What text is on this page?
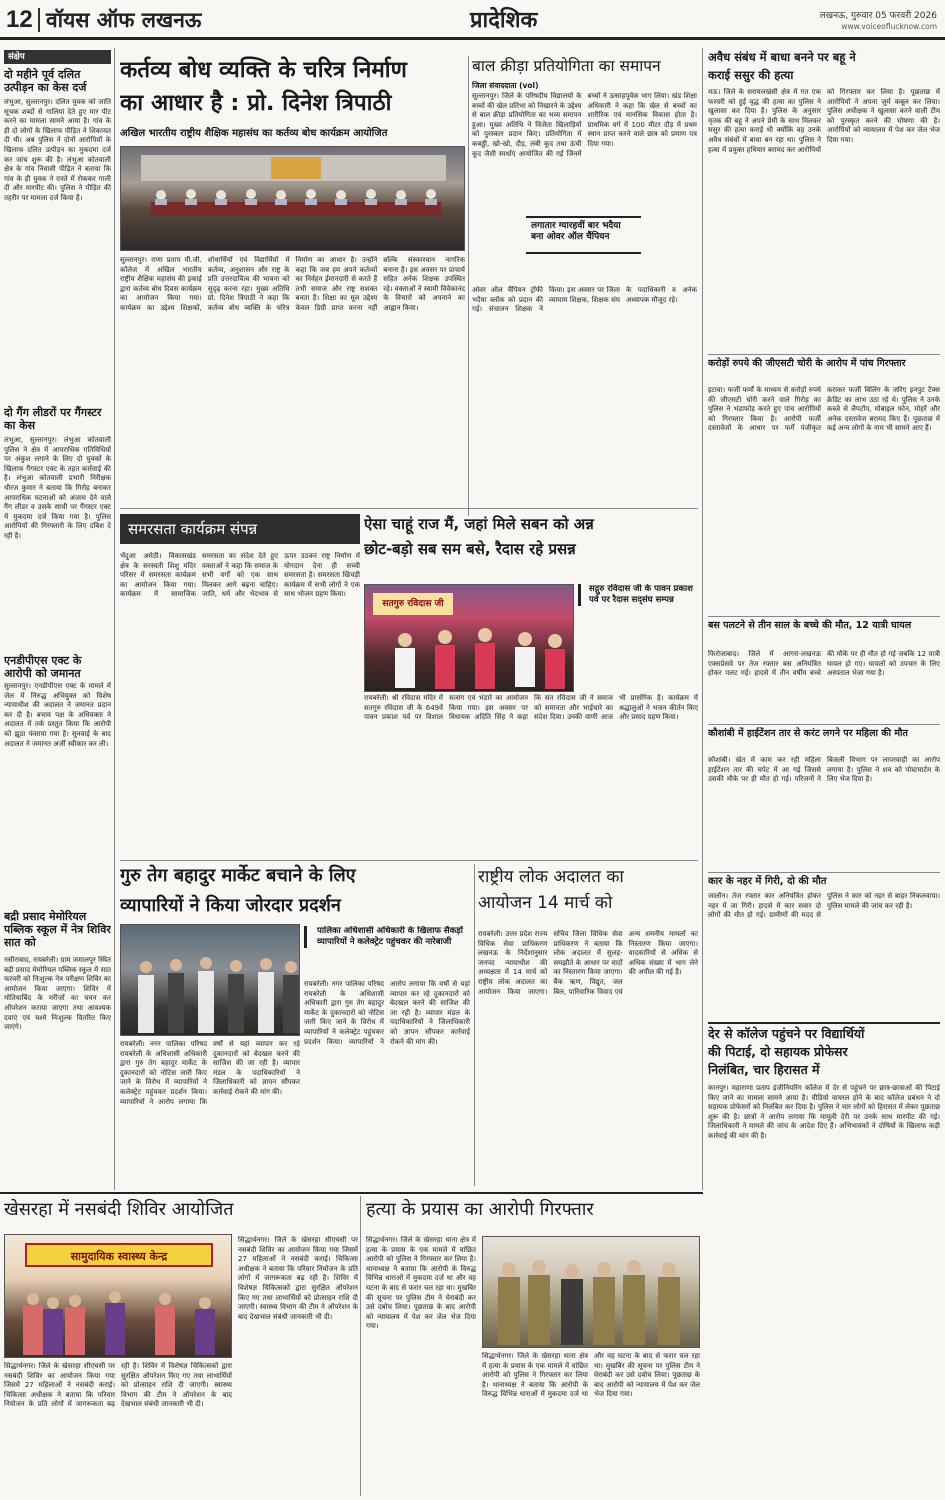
12 वॉयस ऑफ लखनऊ	प्रादेशिक	लखनऊ, गुरुवार 05 फरवरी 2026
www.voiceoflucknow.com
संक्षेप
दो महीने पूर्व दलित उत्पीड़न का केस दर्ज
लंभुआ, सुल्तानपुर। दलित युवक को जाति सूचक शब्दों से गालियां देते हुए मार पीट करने का मामला सामने आया है। गांव के ही दो लोगों के खिलाफ पीड़ित ने शिकायत दी थी। अब पुलिस ने दोनों आरोपियों के खिलाफ दलित उत्पीड़न का मुकदमा दर्ज कर जांच शुरू की है। लंभुआ कोतवाली क्षेत्र के गांव निवासी पीड़ित ने बताया कि गांव के ही युवक ने रास्ते में रोककर गाली दी और मारपीट की। पुलिस ने पीड़ित की तहरीर पर मामला दर्ज किया है।
दो गैंग लीडरों पर गैंगस्टर का केस
लंभुआ, सुल्तानपुर। लंभुआ कोतवाली पुलिस ने क्षेत्र में आपराधिक गतिविधियों पर अंकुश लगाने के लिए दो युवकों के खिलाफ गैंगस्टर एक्ट के तहत कार्रवाई की है। लंभुआ कोतवाली प्रभारी निरीक्षक धीरज कुमार ने बताया कि गिरोह बनाकर आपराधिक घटनाओं को अंजाम देने वाले गैंग लीडर व उसके साथी पर गैंगस्टर एक्ट में मुकदमा दर्ज किया गया है। पुलिस आरोपियों की गिरफ्तारी के लिए दबिश दे रही है।
एनडीपीएस एक्ट के आरोपी को जमानत
सुल्तानपुर। एनडीपीएस एक्ट के मामले में जेल में निरुद्ध अभियुक्त को विशेष न्यायाधीश की अदालत ने जमानत प्रदान कर दी है। बचाव पक्ष के अधिवक्ता ने अदालत में तर्क प्रस्तुत किया कि आरोपी को झूठा फंसाया गया है। सुनवाई के बाद अदालत ने जमानत अर्जी स्वीकार कर ली।
बद्री प्रसाद मेमोरियल पब्लिक स्कूल में नेत्र शिविर सात को
नसीराबाद, रायबरेली। ग्राम जमालपुर स्थित बद्री प्रसाद मेमोरियल पब्लिक स्कूल में सात फरवरी को निःशुल्क नेत्र परीक्षण शिविर का आयोजन किया जाएगा। शिविर में मोतियाबिंद के मरीजों का चयन कर ऑपरेशन कराया जाएगा तथा आवश्यक दवाएं एवं चश्मे निःशुल्क वितरित किए जाएंगे।
कर्तव्य बोध व्यक्ति के चरित्र निर्माण
का आधार है : प्रो. दिनेश त्रिपाठी
अखिल भारतीय राष्ट्रीय शैक्षिक महासंघ का कर्तव्य बोध कार्यक्रम आयोजित
सुल्तानपुर। राणा प्रताप पी.जी. कॉलेज में अखिल भारतीय राष्ट्रीय शैक्षिक महासंघ की इकाई द्वारा कर्तव्य बोध दिवस कार्यक्रम का आयोजन किया गया। कार्यक्रम का उद्देश्य शिक्षकों, शोधार्थियों एवं विद्यार्थियों में कर्तव्य, अनुशासन और राष्ट्र के प्रति उत्तरदायित्व की भावना को सुदृढ़ करना रहा। मुख्य अतिथि प्रो. दिनेश त्रिपाठी ने कहा कि कर्तव्य बोध व्यक्ति के चरित्र निर्माण का आधार है। उन्होंने कहा कि जब हम अपने कर्तव्यों का निर्वहन ईमानदारी से करते हैं तभी समाज और राष्ट्र सशक्त बनता है। शिक्षा का मूल उद्देश्य केवल डिग्री प्राप्त करना नहीं बल्कि संस्कारवान नागरिक बनाना है। इस अवसर पर प्राचार्य सहित अनेक शिक्षक उपस्थित रहे। वक्ताओं ने स्वामी विवेकानंद के विचारों को अपनाने का आह्वान किया।
बाल क्रीड़ा प्रतियोगिता का समापन
जिला संवाददाता (vol)
सुल्तानपुर। जिले के परिषदीय विद्यालयों के बच्चों की खेल प्रतिभा को निखारने के उद्देश्य से बाल क्रीड़ा प्रतियोगिता का भव्य समापन हुआ। मुख्य अतिथि ने विजेता खिलाड़ियों को पुरस्कार प्रदान किए। प्रतियोगिता में कबड्डी, खो-खो, दौड़, लंबी कूद तथा ऊंची कूद जैसी स्पर्धाएं आयोजित की गईं जिनमें बच्चों ने उत्साहपूर्वक भाग लिया। खंड शिक्षा अधिकारी ने कहा कि खेल से बच्चों का शारीरिक एवं मानसिक विकास होता है। प्राथमिक वर्ग में 100 मीटर दौड़ में प्रथम स्थान प्राप्त करने वाले छात्र को प्रमाण पत्र दिया गया।
लगातार ग्यारहवीं बार भदैया बना ओवर ऑल चैंपियन
ओवर ऑल चैंपियन ट्रॉफी भदैया ब्लॉक को प्रदान की गई। संचालन शिक्षक ने किया। इस अवसर पर जिला व्यायाम शिक्षक, शिक्षक संघ के पदाधिकारी व अनेक अध्यापक मौजूद रहे।
समरसता कार्यक्रम संपन्न
भेंदुआ अमेठी। विकासखंड क्षेत्र के सरस्वती शिशु मंदिर परिसर में समरसता कार्यक्रम का आयोजन किया गया। कार्यक्रम में सामाजिक समरसता का संदेश देते हुए वक्ताओं ने कहा कि समाज के सभी वर्गों को एक साथ मिलकर आगे बढ़ना चाहिए। जाति, धर्म और भेदभाव से ऊपर उठकर राष्ट्र निर्माण में योगदान देना ही सच्ची समरसता है। समरसता खिचड़ी कार्यक्रम में सभी लोगों ने एक साथ भोजन ग्रहण किया।
ऐसा चाहूं राज मैं, जहां मिले सबन को अन्न
छोट-बड़ो सब सम बसे, रैदास रहे प्रसन्न
सतगुरु रविदास जी
सद्गुरु रविदास जी के पावन प्रकाश पर्व पर रैदास सद्संघ सम्पन्न
रायबरेली। श्री रविदास मंदिर में सतगुरु रविदास जी के 649वें पावन प्रकाश पर्व पर विशाल सत्संग एवं भंडारे का आयोजन किया गया। इस अवसर पर विधायक अदिति सिंह ने कहा कि संत रविदास जी ने समाज को समानता और भाईचारे का संदेश दिया। उनकी वाणी आज भी प्रासंगिक है। कार्यक्रम में श्रद्धालुओं ने भजन कीर्तन किए और प्रसाद ग्रहण किया।
गुरु तेग बहादुर मार्केट बचाने के लिए
व्यापारियों ने किया जोरदार प्रदर्शन
पालिका अधिशासी अधिकारी के खिलाफ सैकड़ों व्यापारियों ने कलेक्ट्रेट पहुंचकर की नारेबाजी
रायबरेली। नगर पालिका परिषद रायबरेली के अधिशासी अधिकारी द्वारा गुरु तेग बहादुर मार्केट के दुकानदारों को नोटिस जारी किए जाने के विरोध में व्यापारियों ने कलेक्ट्रेट पहुंचकर प्रदर्शन किया। व्यापारियों ने आरोप लगाया कि वर्षों से यहां व्यापार कर रहे दुकानदारों को बेदखल करने की साजिश की जा रही है। व्यापार मंडल के पदाधिकारियों ने जिलाधिकारी को ज्ञापन सौंपकर कार्रवाई रोकने की मांग की।
रायबरेली। नगर पालिका परिषद रायबरेली के अधिशासी अधिकारी द्वारा गुरु तेग बहादुर मार्केट के दुकानदारों को नोटिस जारी किए जाने के विरोध में व्यापारियों ने कलेक्ट्रेट पहुंचकर प्रदर्शन किया। व्यापारियों ने आरोप लगाया कि वर्षों से यहां व्यापार कर रहे दुकानदारों को बेदखल करने की साजिश की जा रही है। व्यापार मंडल के पदाधिकारियों ने जिलाधिकारी को ज्ञापन सौंपकर कार्रवाई रोकने की मांग की।
राष्ट्रीय लोक अदालत का
आयोजन 14 मार्च को
रायबरेली। उत्तर प्रदेश राज्य विधिक सेवा प्राधिकरण लखनऊ के निर्देशानुसार जनपद न्यायाधीश की अध्यक्षता में 14 मार्च को राष्ट्रीय लोक अदालत का आयोजन किया जाएगा। सचिव जिला विधिक सेवा प्राधिकरण ने बताया कि लोक अदालत में सुलह-समझौते के आधार पर वादों का निस्तारण किया जाएगा। बैंक ऋण, विद्युत, जल बिल, पारिवारिक विवाद एवं अन्य शमनीय मामलों का निस्तारण किया जाएगा। वादकारियों से अधिक से अधिक संख्या में भाग लेने की अपील की गई है।
अवैध संबंध में बाधा बनने पर बहू ने
कराई ससुर की हत्या
मऊ। जिले के सरायलखंसी क्षेत्र में गत एक फरवरी को हुई वृद्ध की हत्या का पुलिस ने खुलासा कर दिया है। पुलिस के अनुसार मृतक की बहू ने अपने प्रेमी के साथ मिलकर ससुर की हत्या कराई थी क्योंकि वह उनके अवैध संबंधों में बाधा बन रहा था। पुलिस ने हत्या में प्रयुक्त हथियार बरामद कर आरोपियों को गिरफ्तार कर लिया है। पूछताछ में आरोपियों ने अपना जुर्म कबूल कर लिया। पुलिस अधीक्षक ने खुलासा करने वाली टीम को पुरस्कृत करने की घोषणा की है। आरोपियों को न्यायालय में पेश कर जेल भेज दिया गया।
करोड़ों रुपये की जीएसटी चोरी के आरोप में पांच गिरफ्तार
इटावा। फर्जी फर्मों के माध्यम से करोड़ों रुपये की जीएसटी चोरी करने वाले गिरोह का पुलिस ने भंडाफोड़ करते हुए पांच आरोपियों को गिरफ्तार किया है। आरोपी फर्जी दस्तावेजों के आधार पर फर्में पंजीकृत कराकर फर्जी बिलिंग के जरिए इनपुट टैक्स क्रेडिट का लाभ उठा रहे थे। पुलिस ने उनके कब्जे से लैपटॉप, मोबाइल फोन, मोहरें और अनेक दस्तावेज बरामद किए हैं। पूछताछ में कई अन्य लोगों के नाम भी सामने आए हैं।
बस पलटने से तीन साल के बच्चे की मौत, 12 यात्री घायल
फिरोजाबाद। जिले में आगरा-लखनऊ एक्सप्रेसवे पर तेज रफ्तार बस अनियंत्रित होकर पलट गई। हादसे में तीन वर्षीय बच्चे की मौके पर ही मौत हो गई जबकि 12 यात्री घायल हो गए। घायलों को उपचार के लिए अस्पताल भेजा गया है।
कौशांबी में हाईटेंशन तार से करंट लगने पर महिला की मौत
कौशांबी। खेत में काम कर रही महिला हाईटेंशन तार की चपेट में आ गई जिससे उसकी मौके पर ही मौत हो गई। परिजनों ने बिजली विभाग पर लापरवाही का आरोप लगाया है। पुलिस ने शव को पोस्टमार्टम के लिए भेज दिया है।
कार के नहर में गिरी, दो की मौत
जालौन। तेज रफ्तार कार अनियंत्रित होकर नहर में जा गिरी। हादसे में कार सवार दो लोगों की मौत हो गई। ग्रामीणों की मदद से पुलिस ने कार को नहर से बाहर निकलवाया। पुलिस मामले की जांच कर रही है।
देर से कॉलेज पहुंचने पर विद्यार्थियों
की पिटाई, दो सहायक प्रोफेसर
निलंबित, चार हिरासत में
कानपुर। महाराणा प्रताप इंजीनियरिंग कॉलेज में देर से पहुंचने पर छात्र-छात्राओं की पिटाई किए जाने का मामला सामने आया है। वीडियो वायरल होने के बाद कॉलेज प्रबंधन ने दो सहायक प्रोफेसरों को निलंबित कर दिया है। पुलिस ने चार लोगों को हिरासत में लेकर पूछताछ शुरू की है। छात्रों ने आरोप लगाया कि मामूली देरी पर उनके साथ मारपीट की गई। जिलाधिकारी ने मामले की जांच के आदेश दिए हैं। अभिभावकों ने दोषियों के खिलाफ कड़ी कार्रवाई की मांग की है।
खेसरहा में नसबंदी शिविर आयोजित
सामुदायिक स्वास्थ्य केन्द्र
सिद्धार्थनगर। जिले के खेसरहा सीएचसी पर नसबंदी शिविर का आयोजन किया गया जिसमें 27 महिलाओं ने नसबंदी कराई। चिकित्सा अधीक्षक ने बताया कि परिवार नियोजन के प्रति लोगों में जागरूकता बढ़ रही है। शिविर में विशेषज्ञ चिकित्सकों द्वारा सुरक्षित ऑपरेशन किए गए तथा लाभार्थियों को प्रोत्साहन राशि दी जाएगी। स्वास्थ्य विभाग की टीम ने ऑपरेशन के बाद देखभाल संबंधी जानकारी भी दी।
सिद्धार्थनगर। जिले के खेसरहा सीएचसी पर नसबंदी शिविर का आयोजन किया गया जिसमें 27 महिलाओं ने नसबंदी कराई। चिकित्सा अधीक्षक ने बताया कि परिवार नियोजन के प्रति लोगों में जागरूकता बढ़ रही है। शिविर में विशेषज्ञ चिकित्सकों द्वारा सुरक्षित ऑपरेशन किए गए तथा लाभार्थियों को प्रोत्साहन राशि दी जाएगी। स्वास्थ्य विभाग की टीम ने ऑपरेशन के बाद देखभाल संबंधी जानकारी भी दी।
हत्या के प्रयास का आरोपी गिरफ्तार
सिद्धार्थनगर। जिले के खेसरहा थाना क्षेत्र में हत्या के प्रयास के एक मामले में वांछित आरोपी को पुलिस ने गिरफ्तार कर लिया है। थानाध्यक्ष ने बताया कि आरोपी के विरुद्ध विभिन्न धाराओं में मुकदमा दर्ज था और वह घटना के बाद से फरार चल रहा था। मुखबिर की सूचना पर पुलिस टीम ने घेराबंदी कर उसे दबोच लिया। पूछताछ के बाद आरोपी को न्यायालय में पेश कर जेल भेज दिया गया।
सिद्धार्थनगर। जिले के खेसरहा थाना क्षेत्र में हत्या के प्रयास के एक मामले में वांछित आरोपी को पुलिस ने गिरफ्तार कर लिया है। थानाध्यक्ष ने बताया कि आरोपी के विरुद्ध विभिन्न धाराओं में मुकदमा दर्ज था और वह घटना के बाद से फरार चल रहा था। मुखबिर की सूचना पर पुलिस टीम ने घेराबंदी कर उसे दबोच लिया। पूछताछ के बाद आरोपी को न्यायालय में पेश कर जेल भेज दिया गया।
